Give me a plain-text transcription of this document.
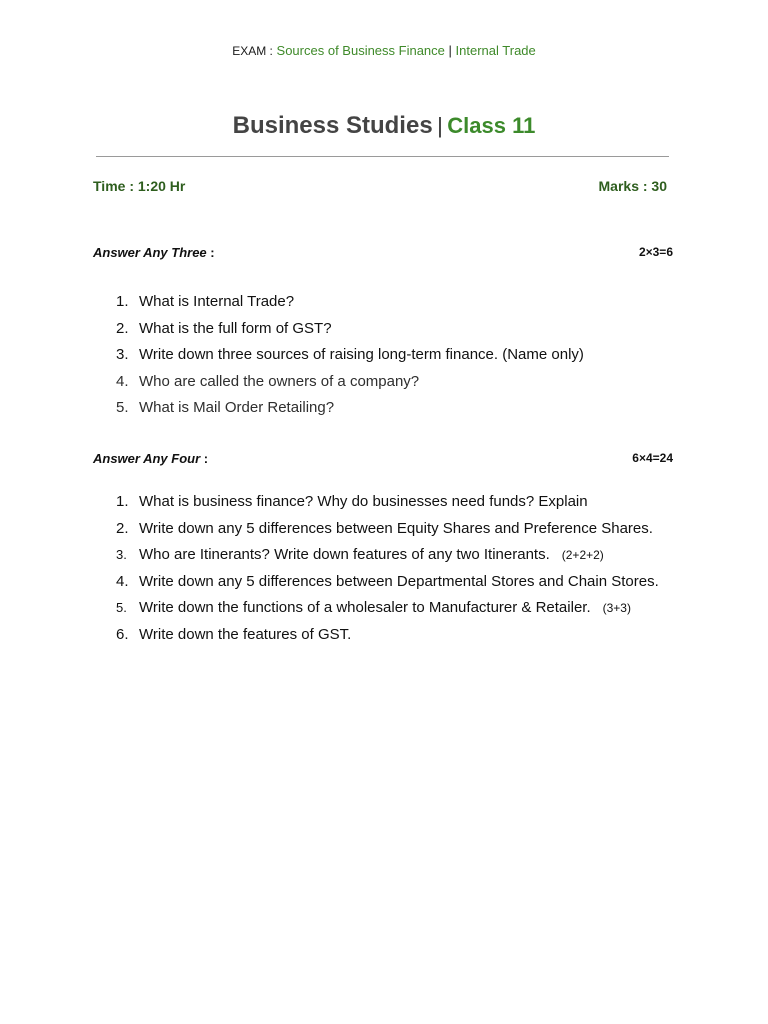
EXAM : Sources of Business Finance | Internal Trade
Business Studies | Class 11
Time : 1:20 Hr	Marks : 30
Answer Any Three :	2×3=6
1. What is Internal Trade?
2. What is the full form of GST?
3. Write down three sources of raising long-term finance. (Name only)
4. Who are called the owners of a company?
5. What is Mail Order Retailing?
Answer Any Four :	6×4=24
1. What is business finance? Why do businesses need funds? Explain
2. Write down any 5 differences between Equity Shares and Preference Shares.
3. Who are Itinerants? Write down features of any two Itinerants. (2+2+2)
4. Write down any 5 differences between Departmental Stores and Chain Stores.
5. Write down the functions of a wholesaler to Manufacturer & Retailer. (3+3)
6. Write down the features of GST.
